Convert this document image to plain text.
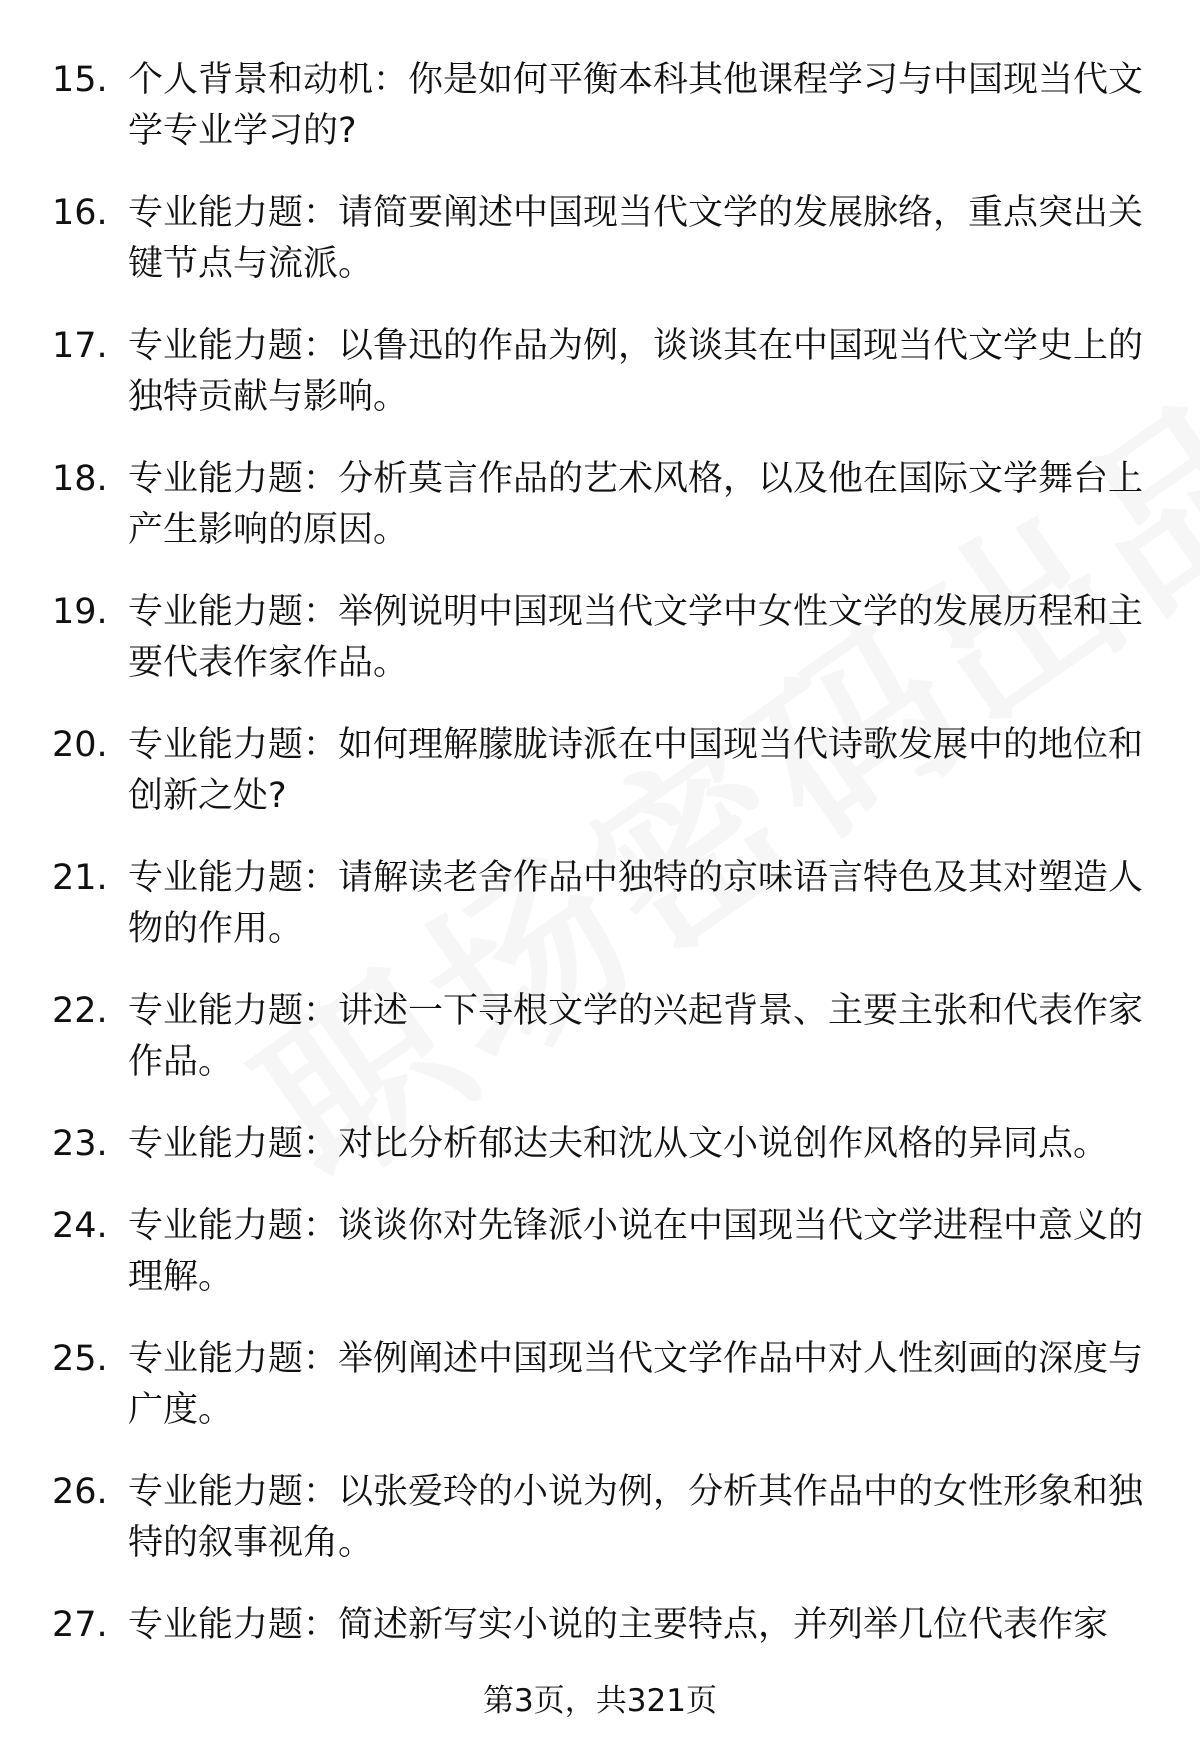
15. 个人背景和动机：你是如何平衡本科其他课程学习与中国现当代文学专业学习的?
16. 专业能力题：请简要阐述中国现当代文学的发展脉络，重点突出关键节点与流派。
17. 专业能力题：以鲁迅的作品为例，谈谈其在中国现当代文学史上的独特贡献与影响。
18. 专业能力题：分析莫言作品的艺术风格，以及他在国际文学舞台上产生影响的原因。
19. 专业能力题：举例说明中国现当代文学中女性文学的发展历程和主要代表作家作品。
20. 专业能力题：如何理解朦胧诗派在中国现当代诗歌发展中的地位和创新之处?
21. 专业能力题：请解读老舍作品中独特的京味语言特色及其对塑造人物的作用。
22. 专业能力题：讲述一下寻根文学的兴起背景、主要主张和代表作家作品。
23. 专业能力题：对比分析郁达夫和沈从文小说创作风格的异同点。
24. 专业能力题：谈谈你对先锋派小说在中国现当代文学进程中意义的理解。
25. 专业能力题：举例阐述中国现当代文学作品中对人性刻画的深度与广度。
26. 专业能力题：以张爱玲的小说为例，分析其作品中的女性形象和独特的叙事视角。
27. 专业能力题：简述新写实小说的主要特点，并列举几位代表作家
第3页，共321页
